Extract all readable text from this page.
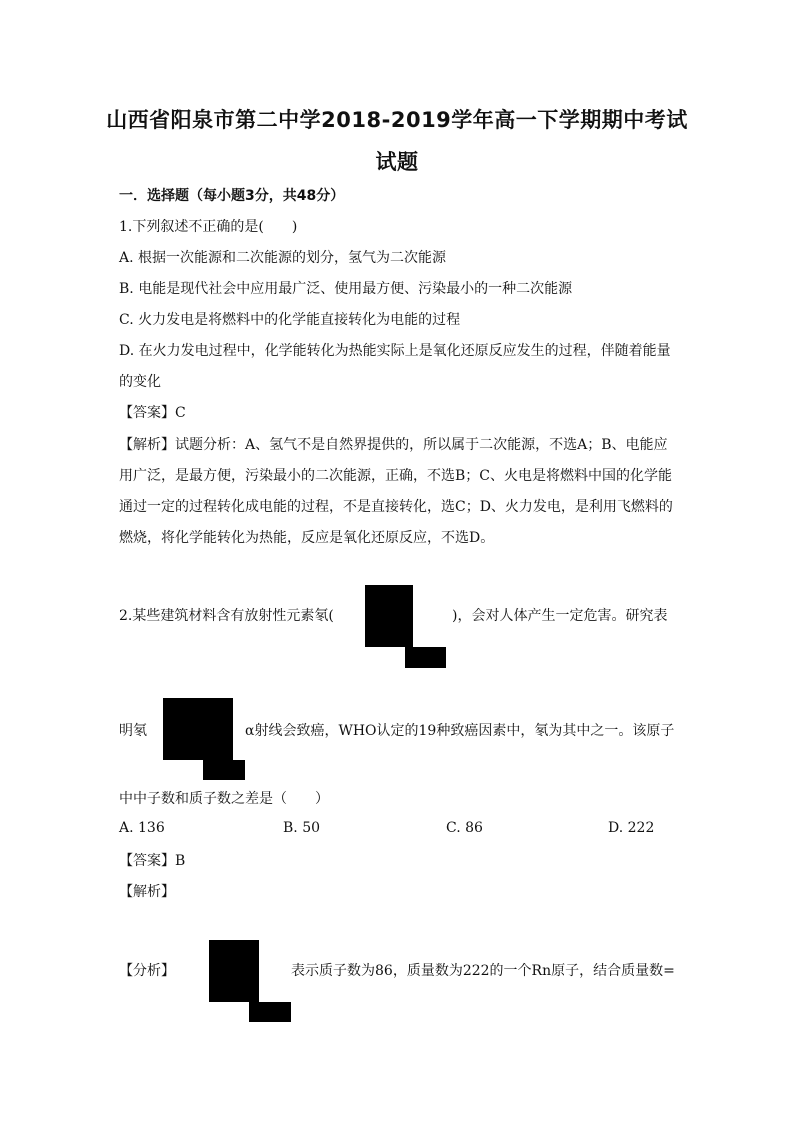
山西省阳泉市第二中学2018-2019学年高一下学期期中考试
试题
一．选择题（每小题3分，共48分）
1.下列叙述不正确的是(　　)
A. 根据一次能源和二次能源的划分，氢气为二次能源
B. 电能是现代社会中应用最广泛、使用最方便、污染最小的一种二次能源
C. 火力发电是将燃料中的化学能直接转化为电能的过程
D. 在火力发电过程中，化学能转化为热能实际上是氧化还原反应发生的过程，伴随着能量
的变化
【答案】C
【解析】试题分析：A、氢气不是自然界提供的，所以属于二次能源，不选A；B、电能应
用广泛，是最方便，污染最小的二次能源，正确，不选B；C、火电是将燃料中国的化学能
通过一定的过程转化成电能的过程，不是直接转化，选C；D、火力发电，是利用飞燃料的
燃烧，将化学能转化为热能，反应是氧化还原反应，不选D。
2.某些建筑材料含有放射性元素氡(	)，会对人体产生一定危害。研究表
明氡	α射线会致癌，WHO认定的19种致癌因素中，氡为其中之一。该原子
中中子数和质子数之差是（　　）
A. 136	B. 50	C. 86	D. 222
【答案】B
【解析】
【分析】	表示质子数为86，质量数为222的一个Rn原子，结合质量数=
